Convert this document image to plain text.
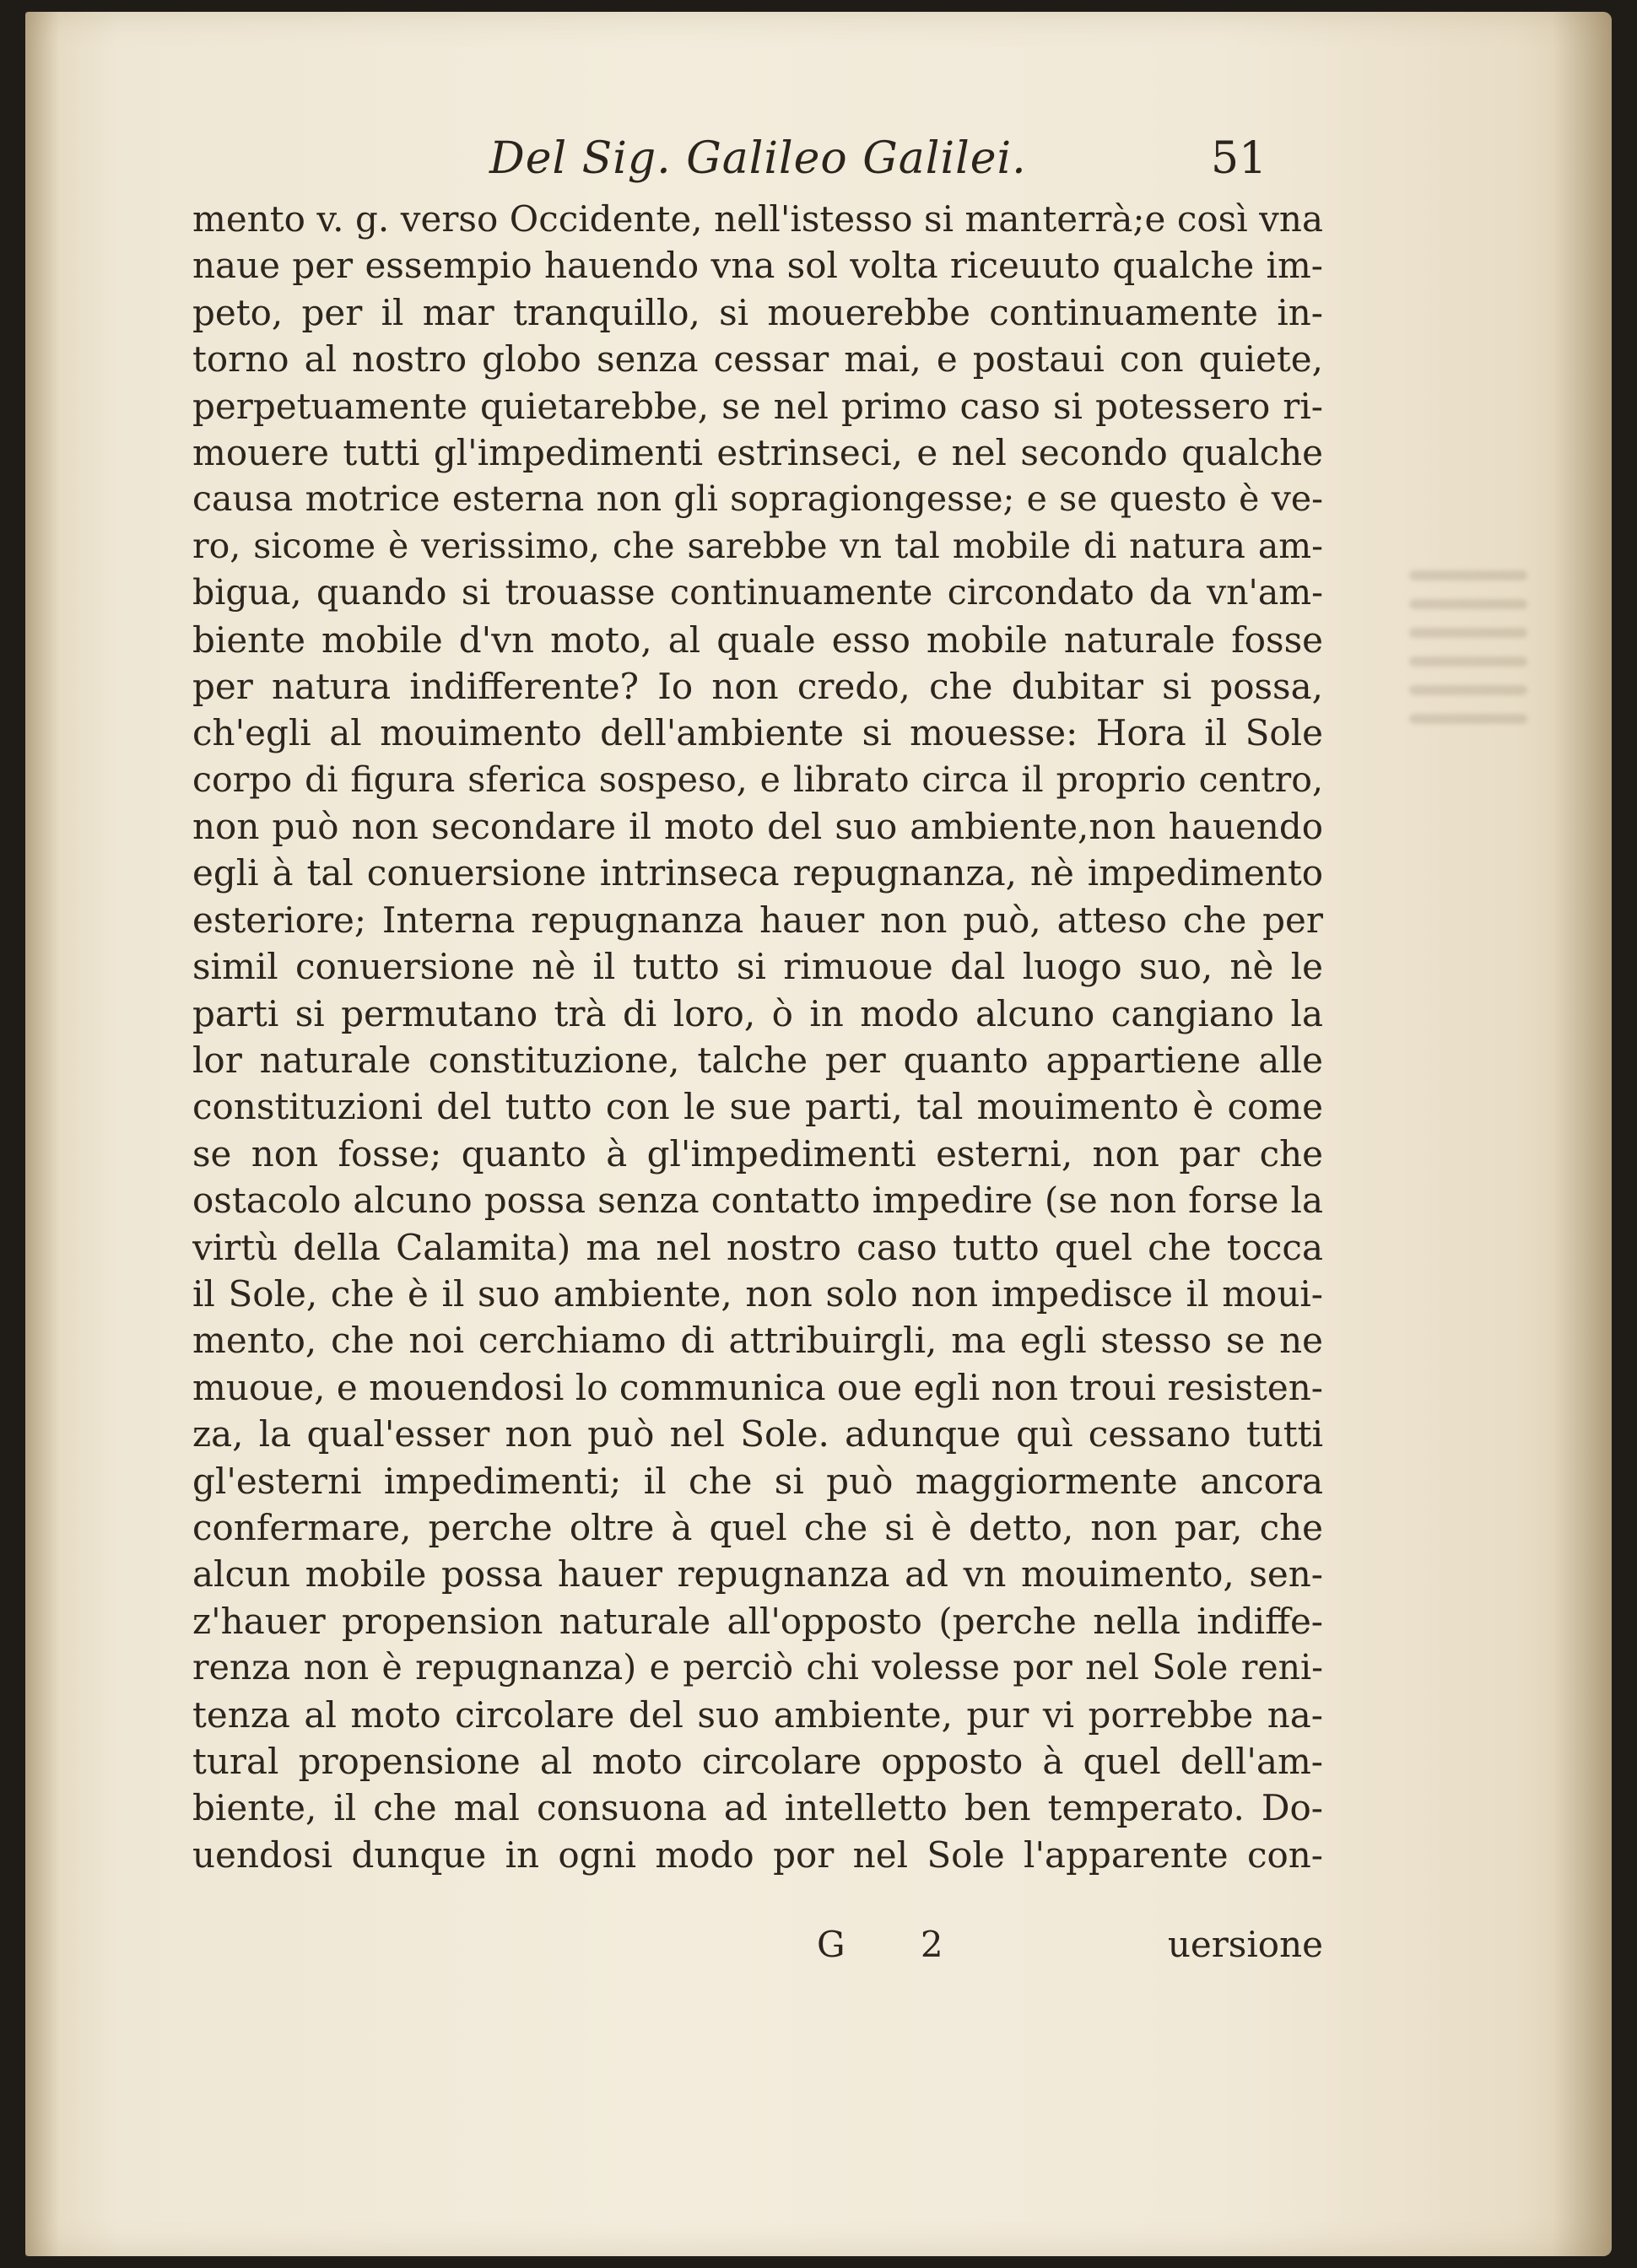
Del Sig. Galileo Galilei.	51
mento v. g. verso Occidente, nell'istesso si manterrà;e così vna
naue per essempio hauendo vna sol volta riceuuto qualche im-
peto, per il mar tranquillo, si mouerebbe continuamente in-
torno al nostro globo senza cessar mai, e postaui con quiete,
perpetuamente quietarebbe, se nel primo caso si potessero ri-
mouere tutti gl'impedimenti estrinseci, e nel secondo qualche
causa motrice esterna non gli sopragiongesse; e se questo è ve-
ro, sicome è verissimo, che sarebbe vn tal mobile di natura am-
bigua, quando si trouasse continuamente circondato da vn'am-
biente mobile d'vn moto, al quale esso mobile naturale fosse
per natura indifferente? Io non credo, che dubitar si possa,
ch'egli al mouimento dell'ambiente si mouesse: Hora il Sole
corpo di figura sferica sospeso, e librato circa il proprio centro,
non può non secondare il moto del suo ambiente,non hauendo
egli à tal conuersione intrinseca repugnanza, nè impedimento
esteriore; Interna repugnanza hauer non può, atteso che per
simil conuersione nè il tutto si rimuoue dal luogo suo, nè le
parti si permutano trà di loro, ò in modo alcuno cangiano la
lor naturale constituzione, talche per quanto appartiene alle
constituzioni del tutto con le sue parti, tal mouimento è come
se non fosse; quanto à gl'impedimenti esterni, non par che
ostacolo alcuno possa senza contatto impedire (se non forse la
virtù della Calamita) ma nel nostro caso tutto quel che tocca
il Sole, che è il suo ambiente, non solo non impedisce il moui-
mento, che noi cerchiamo di attribuirgli, ma egli stesso se ne
muoue, e mouendosi lo communica oue egli non troui resisten-
za, la qual'esser non può nel Sole. adunque quì cessano tutti
gl'esterni impedimenti; il che si può maggiormente ancora
confermare, perche oltre à quel che si è detto, non par, che
alcun mobile possa hauer repugnanza ad vn mouimento, sen-
z'hauer propension naturale all'opposto (perche nella indiffe-
renza non è repugnanza) e perciò chi volesse por nel Sole reni-
tenza al moto circolare del suo ambiente, pur vi porrebbe na-
tural propensione al moto circolare opposto à quel dell'am-
biente, il che mal consuona ad intelletto ben temperato. Do-
uendosi dunque in ogni modo por nel Sole l'apparente con-
G 2	uersione
